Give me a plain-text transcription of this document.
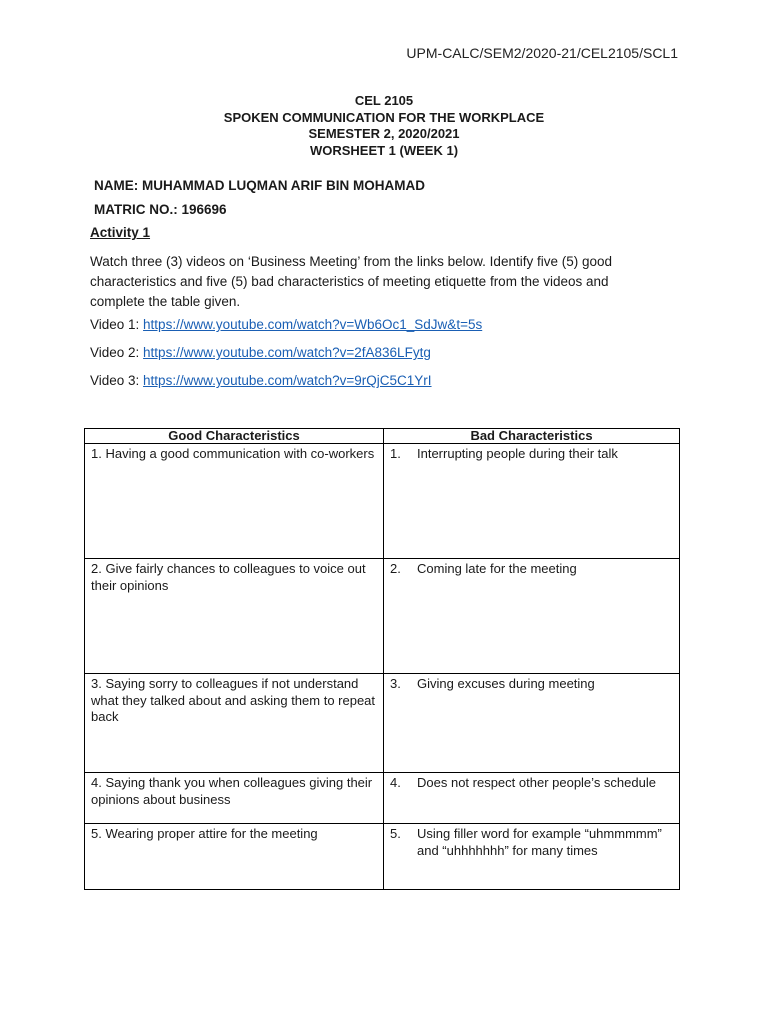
UPM-CALC/SEM2/2020-21/CEL2105/SCL1
CEL 2105
SPOKEN COMMUNICATION FOR THE WORKPLACE
SEMESTER 2, 2020/2021
WORSHEET 1 (WEEK 1)
NAME: MUHAMMAD LUQMAN ARIF BIN MOHAMAD
MATRIC NO.: 196696
Activity 1
Watch three (3) videos on ‘Business Meeting’ from the links below. Identify five (5) good characteristics and five (5) bad characteristics of meeting etiquette from the videos and complete the table given.
Video 1: https://www.youtube.com/watch?v=Wb6Oc1_SdJw&t=5s
Video 2: https://www.youtube.com/watch?v=2fA836LFytg
Video 3: https://www.youtube.com/watch?v=9rQjC5C1YrI
Good Characteristics	Bad Characteristics
1. Having a good communication with co-workers	1. Interrupting people during their talk

2. Give fairly chances to colleagues to voice out their opinions	2. Coming late for the meeting

3. Saying sorry to colleagues if not understand what they talked about and asking them to repeat back	3. Giving excuses during meeting

4. Saying thank you when colleagues giving their opinions about business	4. Does not respect other people’s schedule

5. Wearing proper attire for the meeting	5. Using filler word for example “uhmmmmm” and “uhhhhhhh” for many times
